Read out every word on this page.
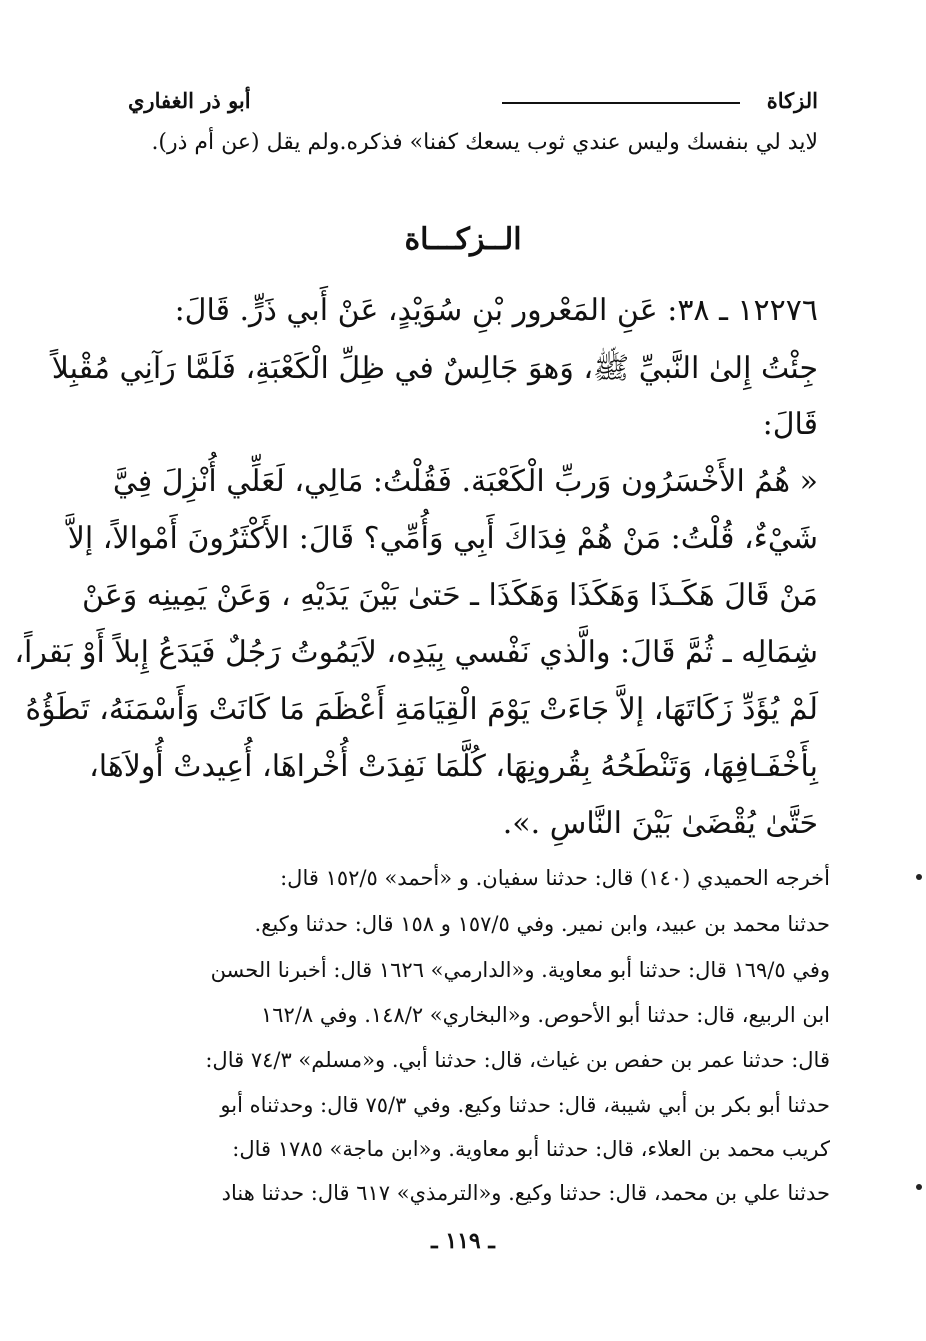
الزكاة
أبو ذر الغفاري
لايد لي بنفسك وليس عندي ثوب يسعك كفنا» فذكره.ولم يقل (عن أم ذر).
الــزكـــاة
١٢٢٧٦ ـ ٣٨: عَنِ المَعْرور بْنِ سُوَيْدٍ، عَنْ أَبي ذَرٍّ. قَالَ:
جِئْتُ إِلىٰ النَّبيِّ ﷺ، وَهوَ جَالِسٌ في ظِلِّ الْكَعْبَةِ، فَلَمَّا رَآنِي مُقْبِلاً
قَالَ:
« هُمُ الأَخْسَرُون وَربِّ الْكَعْبَة. فَقُلْتُ: مَالِي، لَعَلِّي أُنْزِلَ فِيَّ
شَيْءٌ، قُلْتُ: مَنْ هُمْ فِدَاكَ أَبِي وَأُمِّي؟ قَالَ: الأَكْثَرُونَ أَمْوالاً، إلاَّ
مَنْ قَالَ هَكَـذَا وَهَكَذَا وَهَكَذَا ـ حَتىٰ بَيْنَ يَدَيْهِ ، وَعَنْ يَمِينِه وَعَنْ
شِمَالِه ـ ثُمَّ قَالَ: والَّذي نَفْسي بِيَدِه، لاَيَمُوتُ رَجُلٌ فَيَدَعُ إِبلاً أَوْ بَقراً،
لَمْ يُؤَدِّ زَكَاتَهَا، إلاَّ جَاءَتْ يَوْمَ الْقِيَامَةِ أَعْظَمَ مَا كَانَتْ وَأَسْمَنَهُ، تَطَؤُهُ
بِأَخْفَـافِهَا، وَتَنْطَحُهُ بِقُرونِهَا، كُلَّمَا نَفِدَتْ أُخْراهَا، أُعِيدتْ أُولاَهَا،
حَتَّىٰ يُقْضَىٰ بَيْنَ النَّاسِ .».
أخرجه الحميدي (١٤٠) قال: حدثنا سفيان. و «أحمد» ١٥٢/٥ قال:
حدثنا محمد بن عبيد، وابن نمير. وفي ١٥٧/٥ و ١٥٨ قال: حدثنا وكيع.
وفي ١٦٩/٥ قال: حدثنا أبو معاوية. و«الدارمي» ١٦٢٦ قال: أخبرنا الحسن
ابن الربيع، قال: حدثنا أبو الأحوص. و«البخاري» ١٤٨/٢. وفي ١٦٢/٨
قال: حدثنا عمر بن حفص بن غياث، قال: حدثنا أبي. و«مسلم» ٧٤/٣ قال:
حدثنا أبو بكر بن أبي شيبة، قال: حدثنا وكيع. وفي ٧٥/٣ قال: وحدثناه أبو
كريب محمد بن العلاء، قال: حدثنا أبو معاوية. و«ابن ماجة» ١٧٨٥ قال:
حدثنا علي بن محمد، قال: حدثنا وكيع. و«الترمذي» ٦١٧ قال: حدثنا هناد
ـ ١١٩ ـ
